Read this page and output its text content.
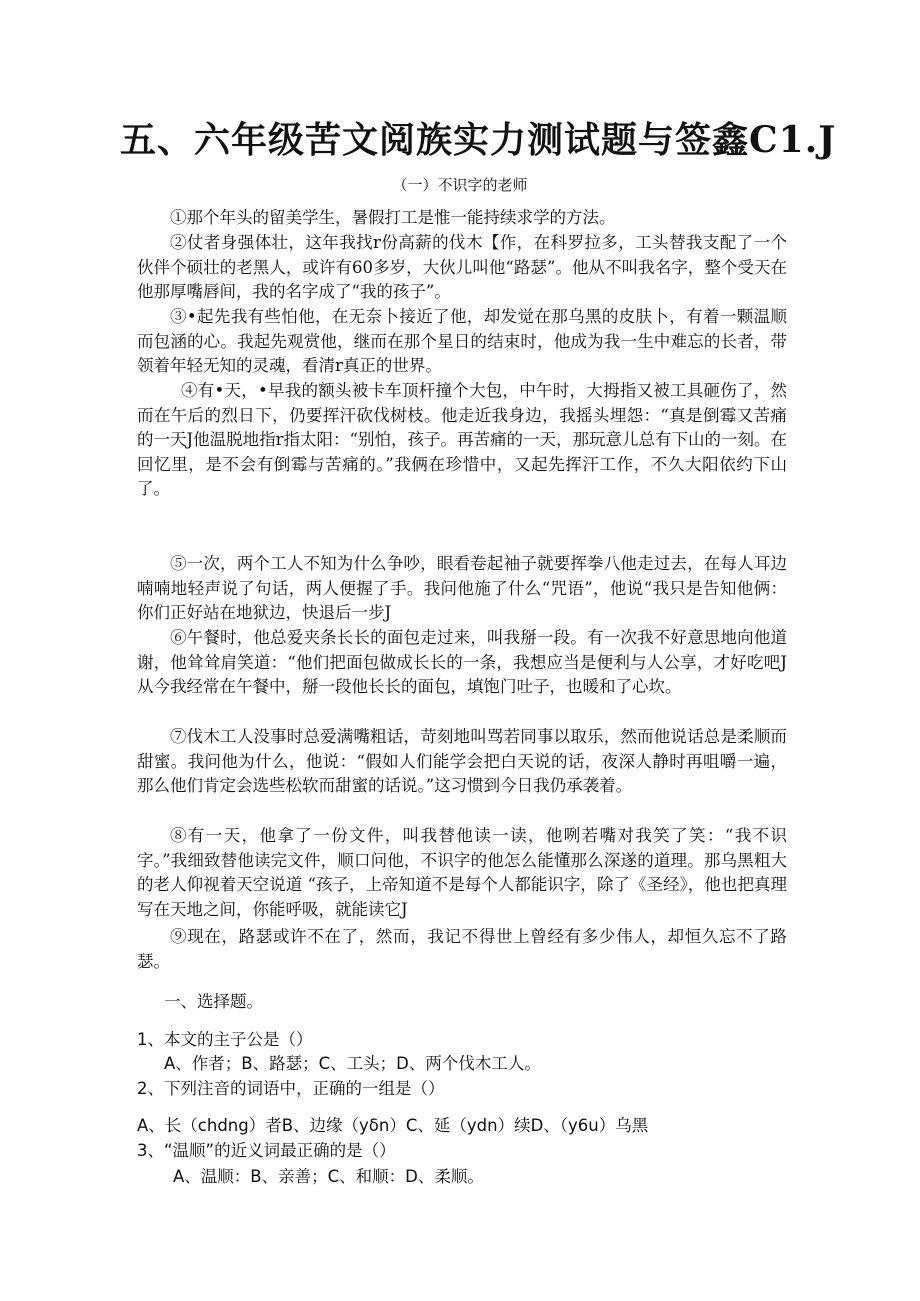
五、六年级苦文阅族实力测试题与签鑫C1.J

（一）不识字的老师

①那个年头的留美学生，暑假打工是惟一能持续求学的方法。

②仗者身强体壮，这年我找r份高薪的伐木【作，在科罗拉多，工头替我支配了一个伙伴个硕壮的老黑人，或许有60多岁，大伙儿叫他“路瑟”。他从不叫我名字，整个受天在他那厚嘴唇间，我的名字成了“我的孩子”。

③•起先我有些怕他，在无奈卜接近了他，却发觉在那乌黑的皮肤卜，有着一颗温顺而包涵的心。我起先观赏他，继而在那个星日的结束时，他成为我一生中难忘的长者，带领着年轻无知的灵魂，看清r真正的世界。

④有•天，•早我的额头被卡车顶杆撞个大包，中午时，大拇指又被工具砸伤了，然而在午后的烈日下，仍要挥汗砍伐树枝。他走近我身边，我摇头埋怨：“真是倒霉又苦痛的一天J他温脱地指r指太阳：“别怕，孩子。再苦痛的一天，那玩意儿总有下山的一刻。在回忆里，是不会有倒霉与苦痛的。”我俩在珍惜中，又起先挥汗工作，不久大阳依约下山了。

⑤一次，两个工人不知为什么争吵，眼看卷起袖子就要挥拳八他走过去，在每人耳边喃喃地轻声说了句话，两人便握了手。我问他施了什么“咒语”，他说“我只是告知他俩：你们正好站在地狱边，快退后一步J

⑥午餐时，他总爱夹条长长的面包走过来，叫我掰一段。有一次我不好意思地向他道谢，他耸耸肩笑道：“他们把面包做成长长的一条，我想应当是便利与人公享，才好吃吧J从今我经常在午餐中，掰一段他长长的面包，填饱门吐子，也暖和了心坎。

⑦伐木工人没事时总爱满嘴粗话，苛刻地叫骂若同事以取乐，然而他说话总是柔顺而甜蜜。我问他为什么，他说：“假如人们能学会把白天说的话，夜深人静时再咀嚼一遍，那么他们肯定会选些松软而甜蜜的话说。”这习惯到今日我仍承袭着。

⑧有一天，他拿了一份文件，叫我替他读一读，他咧若嘴对我笑了笑：“我不识字。”我细致替他读完文件，顺口问他，不识字的他怎么能懂那么深遂的道理。那乌黑粗大的老人仰视着天空说道 “孩子，上帝知道不是每个人都能识字，除了《圣经》，他也把真理写在天地之间，你能呼吸，就能读它J

⑨现在，路瑟或许不在了，然而，我记不得世上曾经有多少伟人，却恒久忘不了路瑟。

一、选择题。

1、本文的主子公是（）

A、作者；B、路瑟；C、工头；D、两个伐木工人。

2、下列注音的词语中，正确的一组是（）

A、长（chdng）者B、边缘（yδn）C、延（ydn）续D、（y6u）乌黑

3、“温顺”的近义词最正确的是（）

A、温顺：B、亲善；C、和顺：D、柔顺。
